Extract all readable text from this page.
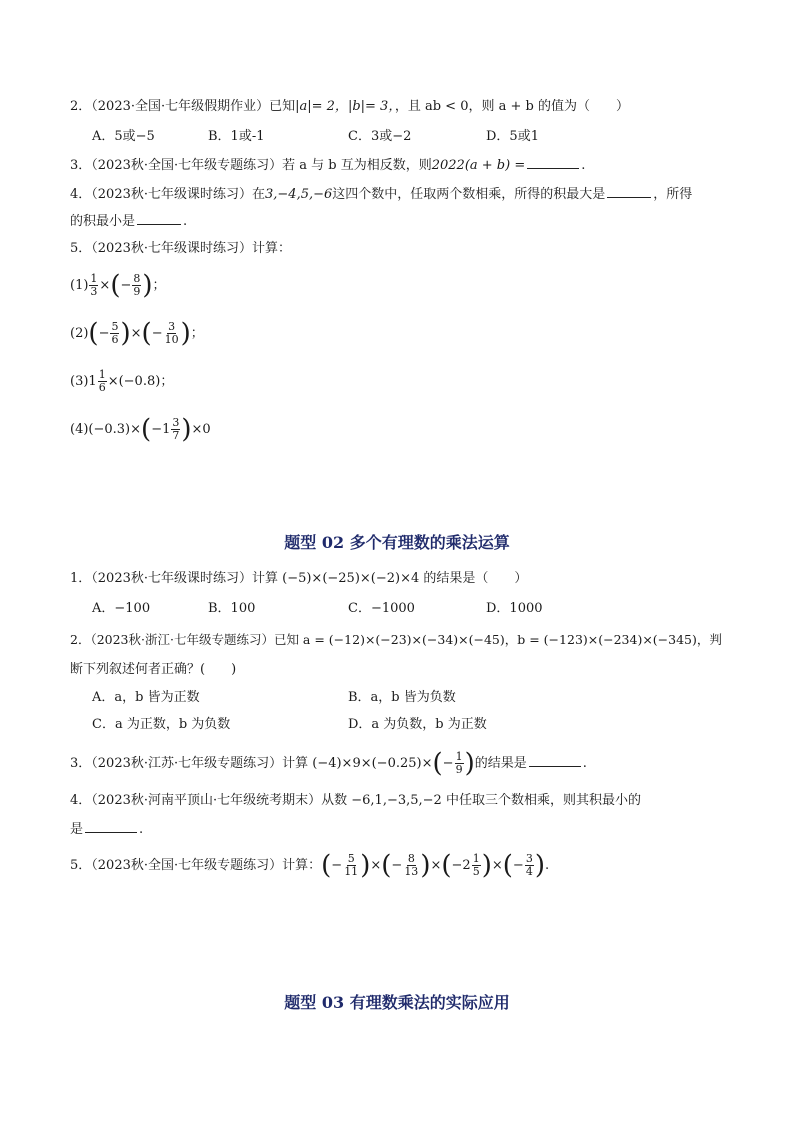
2．（2023·全国·七年级假期作业）已知|a|= 2，|b|= 3，，且 ab < 0，则 a + b 的值为（　　）
A．5或−5	B．1或-1	C．3或−2	D．5或1
3．（2023秋·全国·七年级专题练习）若 a 与 b 互为相反数，则2022(a + b) =	.
4．（2023秋·七年级课时练习）在3,−4,5,−6这四个数中，任取两个数相乘，所得的积最大是	，所得
的积最小是	.
5．（2023秋·七年级课时练习）计算：
$(1) \frac{1}{3}$ ×(− $\frac{8}{9}$ )；
$(2)(- \frac{5}{6}$ )×(− $\frac{3}{10}$ )；
$(3)1 \frac{1}{6} \times(-0.8)$；
$(4)(-0.3)\times(-1 \frac{3}{7} )\times 0$
题型 02 多个有理数的乘法运算
1．（2023秋·七年级课时练习）计算 (−5)×(−25)×(−2)×4 的结果是（　　）
A．−100	B．100	C．−1000	D．1000
2．（2023秋·浙江·七年级专题练习）已知 a = (−12)×(−23)×(−34)×(−45)，b = (−123)×(−234)×(−345)，判
断下列叙述何者正确？(　　)
A．a，b 皆为正数	B．a，b 皆为负数
C．a 为正数，b 为负数	D．a 为负数，b 为正数
3．（2023秋·江苏·七年级专题练习）计算 $(-4)\times 9\times(-0.25)\times(- \frac{1}{9}$ )的结果是	.
4．（2023秋·河南平顶山·七年级统考期末）从数 −6,1,−3,5,−2 中任取三个数相乘，则其积最小的
是	.
5．（2023秋·全国·七年级专题练习）计算：(− $\frac{5}{11}$ )×(− $\frac{8}{13} )\times(-2 \frac{1}{5}$ )×(− $\frac{3}{4}$ ).
题型 03 有理数乘法的实际应用
